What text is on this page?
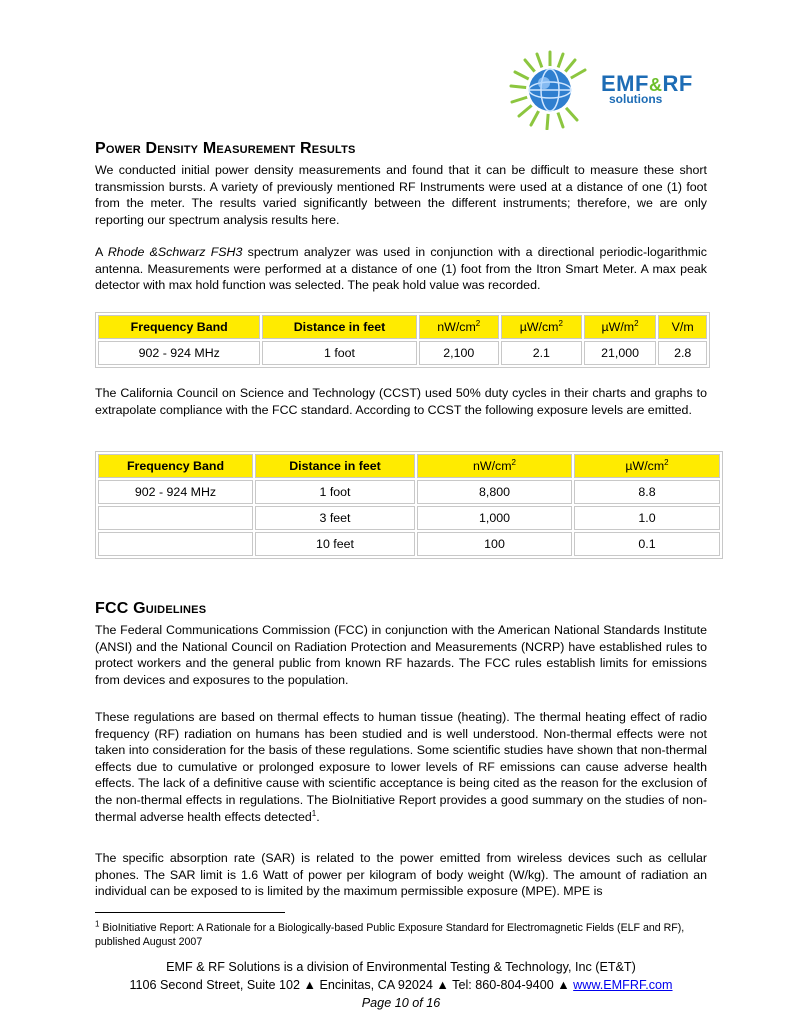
EMF&RF
solutions
Power Density Measurement Results

We conducted initial power density measurements and found that it can be difficult to measure these short transmission bursts. A variety of previously mentioned RF Instruments were used at a distance of one (1) foot from the meter. The results varied significantly between the different instruments; therefore, we are only reporting our spectrum analysis results here.

A Rhode &Schwarz FSH3 spectrum analyzer was used in conjunction with a directional periodic-logarithmic antenna. Measurements were performed at a distance of one (1) foot from the Itron Smart Meter. A max peak detector with max hold function was selected. The peak hold value was recorded.

Frequency Band	Distance in feet	$nW/cm^2$	$\mu W/cm^2$	$\mu W/m^2$	V/m
902 - 924 MHz	1 foot	2,100	2.1	21,000	2.8

The California Council on Science and Technology (CCST) used 50% duty cycles in their charts and graphs to extrapolate compliance with the FCC standard. According to CCST the following exposure levels are emitted.

Frequency Band	Distance in feet	$nW/cm^2$	$\mu W/cm^2$
902 - 924 MHz	1 foot	8,800	8.8
	3 feet	1,000	1.0
	10 feet	100	0.1
FCC Guidelines

The Federal Communications Commission (FCC) in conjunction with the American National Standards Institute (ANSI) and the National Council on Radiation Protection and Measurements (NCRP) have established rules to protect workers and the general public from known RF hazards. The FCC rules establish limits for emissions from devices and exposures to the population.

These regulations are based on thermal effects to human tissue (heating). The thermal heating effect of radio frequency (RF) radiation on humans has been studied and is well understood. Non-thermal effects were not taken into consideration for the basis of these regulations. Some scientific studies have shown that non-thermal effects due to cumulative or prolonged exposure to lower levels of RF emissions can cause adverse health effects. The lack of a definitive cause with scientific acceptance is being cited as the reason for the exclusion of the non-thermal effects in regulations. The BioInitiative Report provides a good summary on the studies of non-thermal adverse health effects detected$^1$.

The specific absorption rate (SAR) is related to the power emitted from wireless devices such as cellular phones. The SAR limit is 1.6 Watt of power per kilogram of body weight (W/kg). The amount of radiation an individual can be exposed to is limited by the maximum permissible exposure (MPE). MPE is

$^1$ BioInitiative Report: A Rationale for a Biologically-based Public Exposure Standard for Electromagnetic Fields (ELF and RF), published August 2007
EMF & RF Solutions is a division of Environmental Testing & Technology, Inc (ET&T)
1106 Second Street, Suite 102 ▲ Encinitas, CA 92024 ▲ Tel: 860-804-9400 ▲ www.EMFRF.com
Page 10 of 16
